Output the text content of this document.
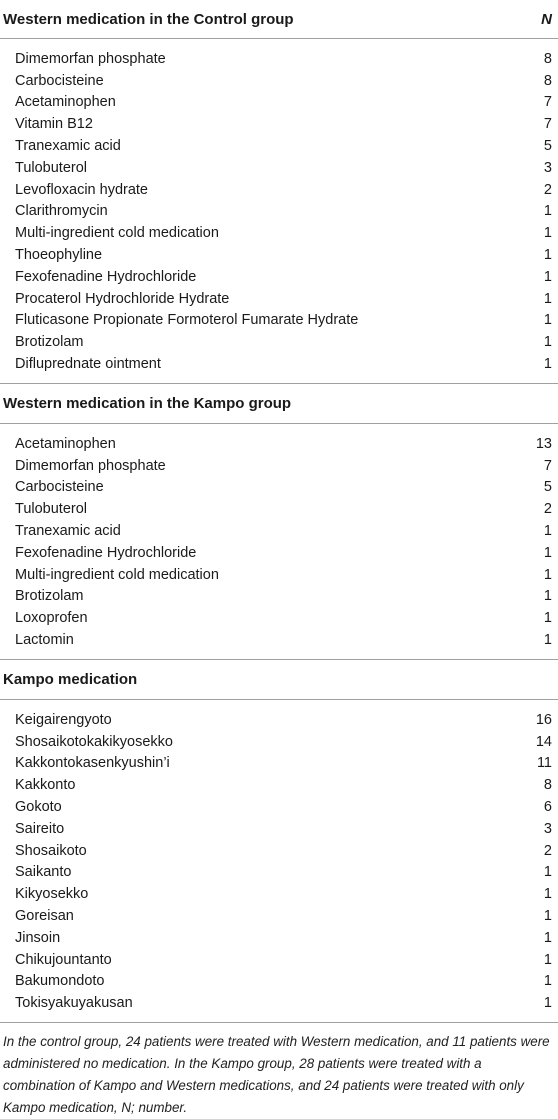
Western medication in the Control group	N
Dimemorfan phosphate	8
Carbocisteine	8
Acetaminophen	7
Vitamin B12	7
Tranexamic acid	5
Tulobuterol	3
Levofloxacin hydrate	2
Clarithromycin	1
Multi-ingredient cold medication	1
Thoeophyline	1
Fexofenadine Hydrochloride	1
Procaterol Hydrochloride Hydrate	1
Fluticasone Propionate Formoterol Fumarate Hydrate	1
Brotizolam	1
Difluprednate ointment	1
Western medication in the Kampo group
Acetaminophen	13
Dimemorfan phosphate	7
Carbocisteine	5
Tulobuterol	2
Tranexamic acid	1
Fexofenadine Hydrochloride	1
Multi-ingredient cold medication	1
Brotizolam	1
Loxoprofen	1
Lactomin	1
Kampo medication
Keigairengyoto	16
Shosaikotokakikyosekko	14
Kakkontokasenkyushin’i	11
Kakkonto	8
Gokoto	6
Saireito	3
Shosaikoto	2
Saikanto	1
Kikyosekko	1
Goreisan	1
Jinsoin	1
Chikujountanto	1
Bakumondoto	1
Tokisyakuyakusan	1
In the control group, 24 patients were treated with Western medication, and 11 patients were administered no medication. In the Kampo group, 28 patients were treated with a combination of Kampo and Western medications, and 24 patients were treated with only Kampo medication, N; number.
